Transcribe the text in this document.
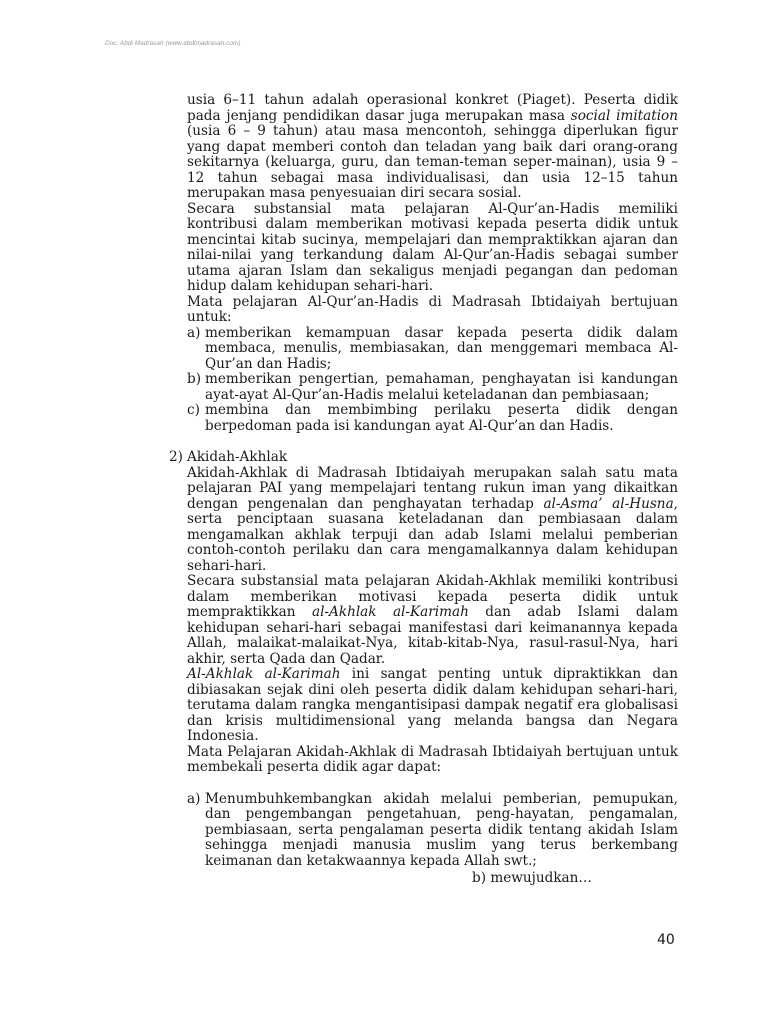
Doc. Abdi Madrasah (www.abdimadrasah.com)

usia 6–11 tahun adalah operasional konkret (Piaget). Peserta didik pada jenjang pendidikan dasar juga merupakan masa social imitation (usia 6 – 9 tahun) atau masa mencontoh, sehingga diperlukan figur yang dapat memberi contoh dan teladan yang baik dari orang-orang sekitarnya (keluarga, guru, dan teman-teman seper-mainan), usia 9 – 12 tahun sebagai masa individualisasi, dan usia 12–15 tahun merupakan masa penyesuaian diri secara sosial.

Secara substansial mata pelajaran Al-Qur’an-Hadis memiliki kontribusi dalam memberikan motivasi kepada peserta didik untuk mencintai kitab sucinya, mempelajari dan mempraktikkan ajaran dan nilai-nilai yang terkandung dalam Al-Qur’an-Hadis sebagai sumber utama ajaran Islam dan sekaligus menjadi pegangan dan pedoman hidup dalam kehidupan sehari-hari.

Mata pelajaran Al-Qur’an-Hadis di Madrasah Ibtidaiyah bertujuan untuk:

a) memberikan kemampuan dasar kepada peserta didik dalam membaca, menulis, membiasakan, dan menggemari membaca Al-Qur’an dan Hadis;
b) memberikan pengertian, pemahaman, penghayatan isi kandungan ayat-ayat Al-Qur’an-Hadis melalui keteladanan dan pembiasaan;
c) membina dan membimbing perilaku peserta didik dengan berpedoman pada isi kandungan ayat Al-Qur’an dan Hadis.
2) Akidah-Akhlak

Akidah-Akhlak di Madrasah Ibtidaiyah merupakan salah satu mata pelajaran PAI yang mempelajari tentang rukun iman yang dikaitkan dengan pengenalan dan penghayatan terhadap al-Asma’ al-Husna, serta penciptaan suasana keteladanan dan pembiasaan dalam mengamalkan akhlak terpuji dan adab Islami melalui pemberian contoh-contoh perilaku dan cara mengamalkannya dalam kehidupan sehari-hari.

Secara substansial mata pelajaran Akidah-Akhlak memiliki kontribusi dalam memberikan motivasi kepada peserta didik untuk mempraktikkan al-Akhlak al-Karimah dan adab Islami dalam kehidupan sehari-hari sebagai manifestasi dari keimanannya kepada Allah, malaikat-malaikat-Nya, kitab-kitab-Nya, rasul-rasul-Nya, hari akhir, serta Qada dan Qadar.

Al-Akhlak al-Karimah ini sangat penting untuk dipraktikkan dan dibiasakan sejak dini oleh peserta didik dalam kehidupan sehari-hari, terutama dalam rangka mengantisipasi dampak negatif era globalisasi dan krisis multidimensional yang melanda bangsa dan Negara Indonesia.

Mata Pelajaran Akidah-Akhlak di Madrasah Ibtidaiyah bertujuan untuk membekali peserta didik agar dapat:

a) Menumbuhkembangkan akidah melalui pemberian, pemupukan, dan pengembangan pengetahuan, peng-hayatan, pengamalan, pembiasaan, serta pengalaman peserta didik tentang akidah Islam sehingga menjadi manusia muslim yang terus berkembang keimanan dan ketakwaannya kepada Allah swt.;
b) mewujudkan…
40
